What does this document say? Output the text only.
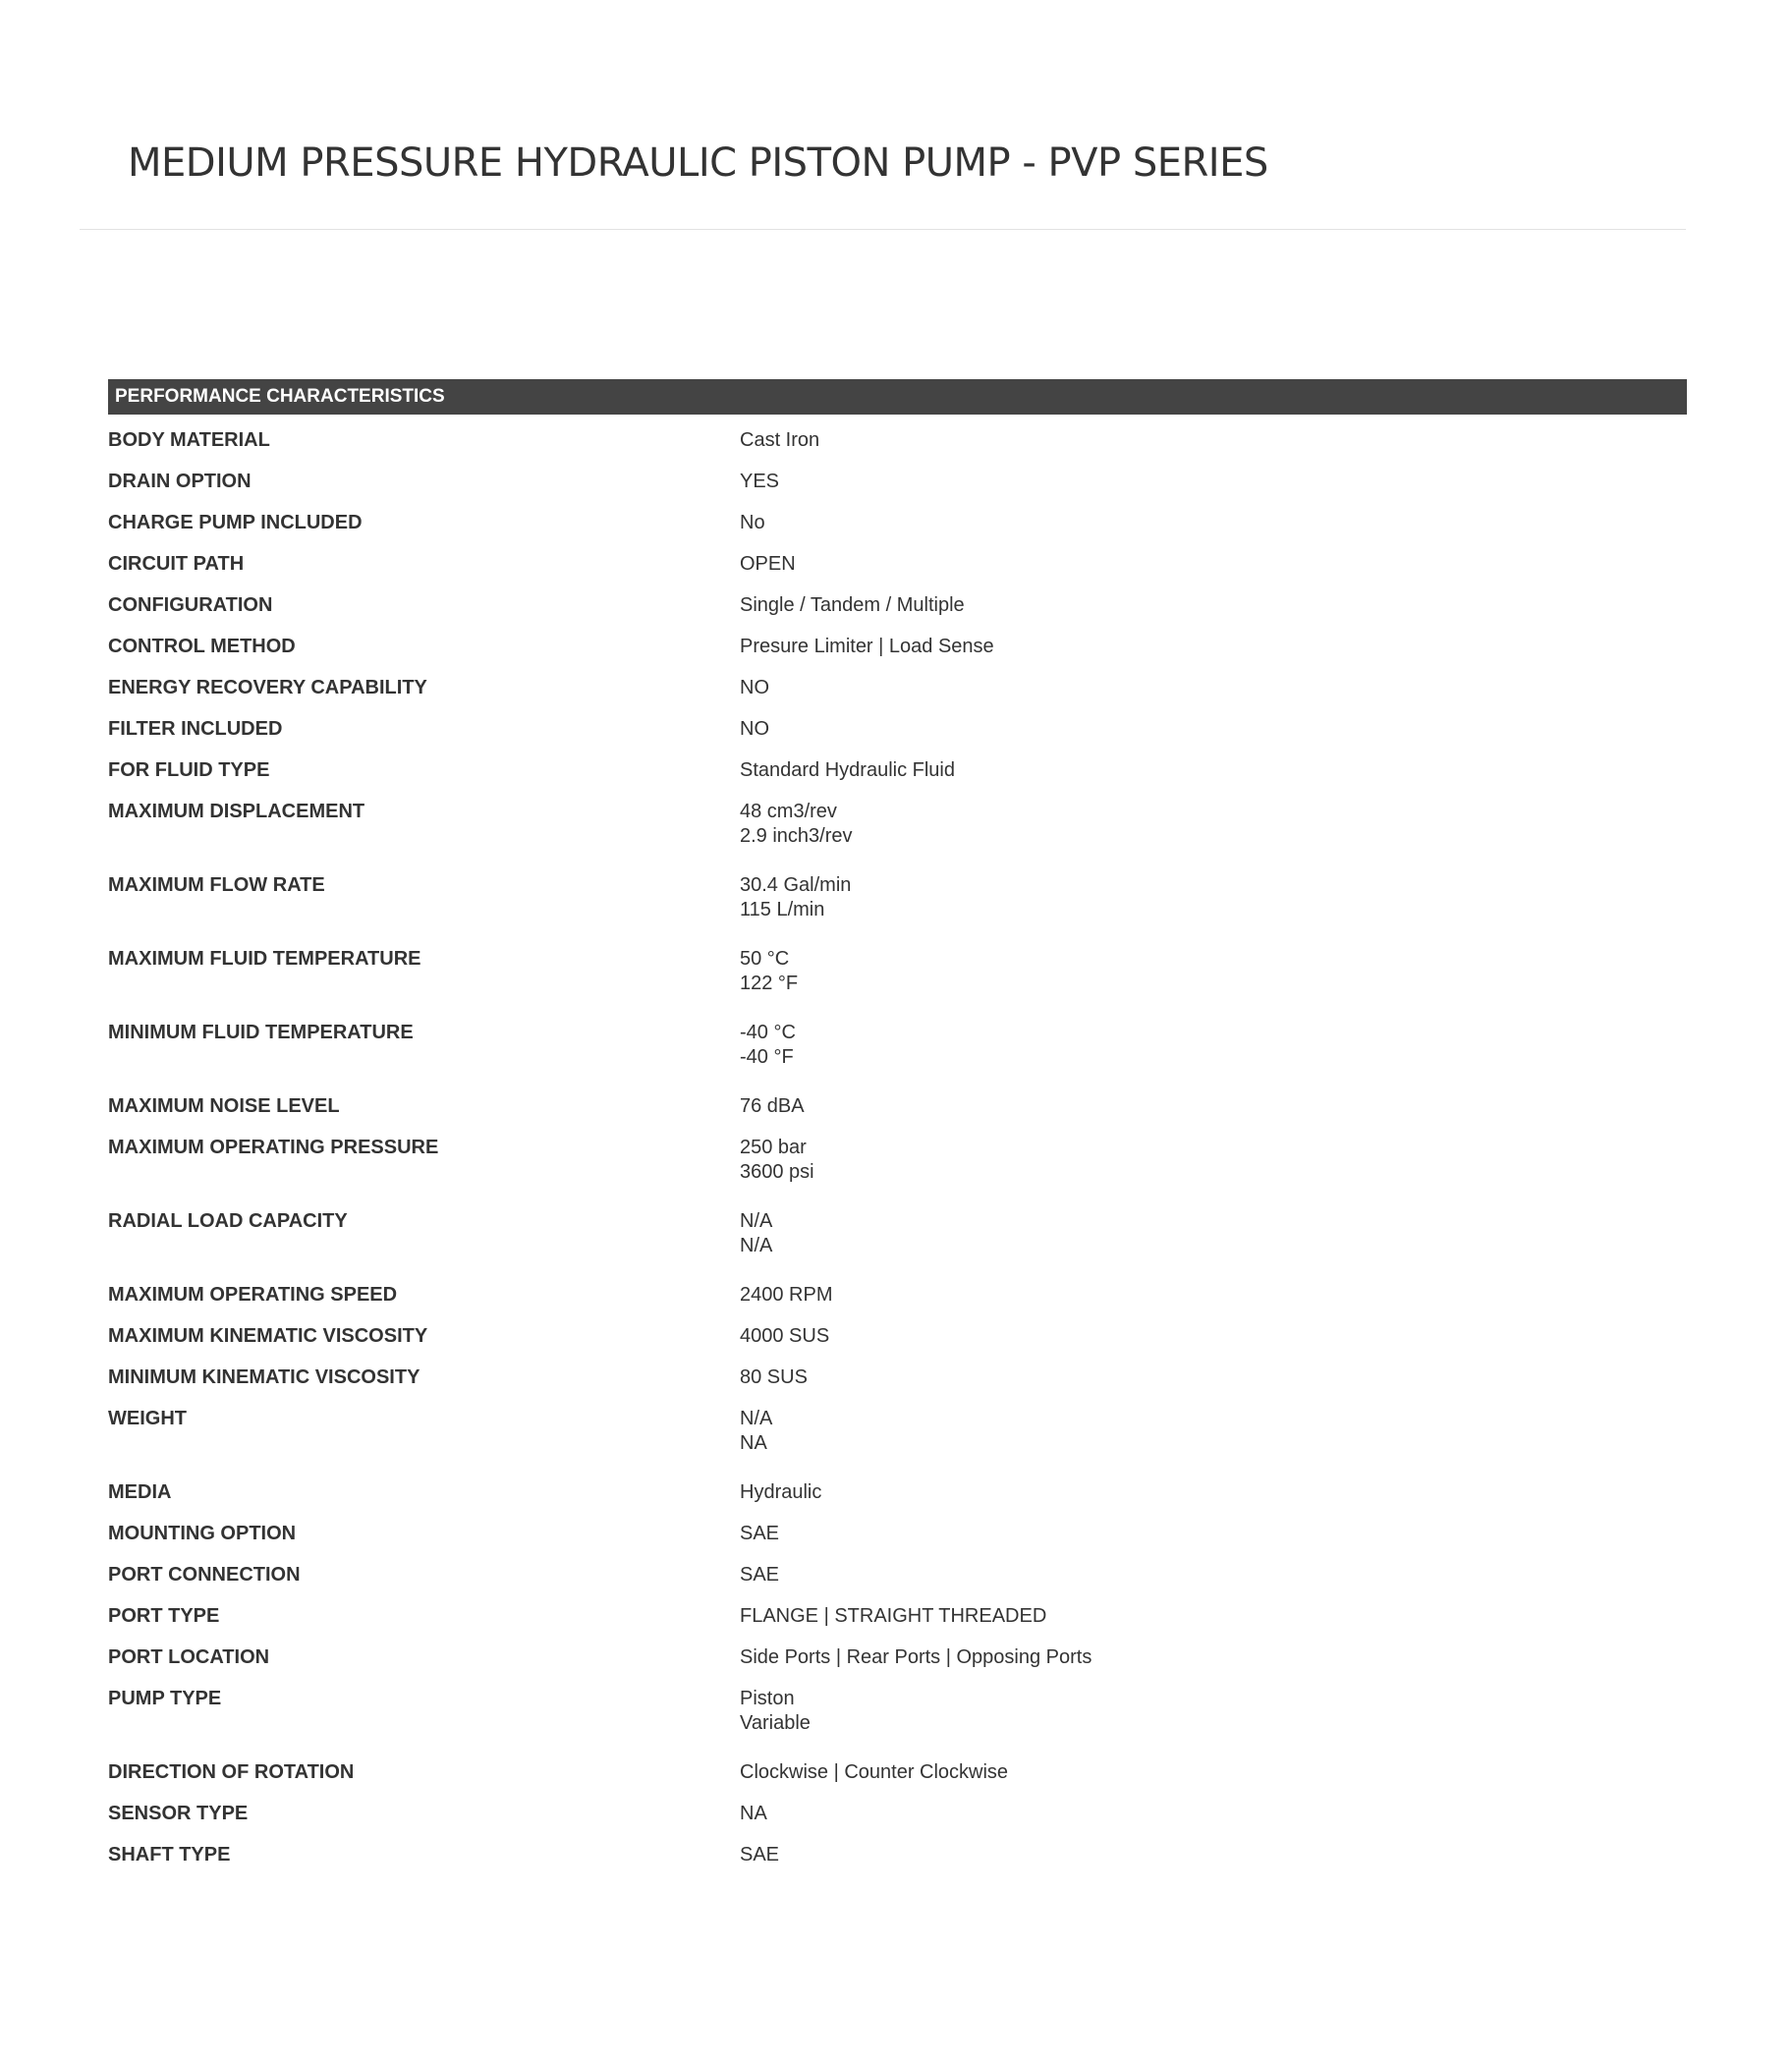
MEDIUM PRESSURE HYDRAULIC PISTON PUMP - PVP SERIES
PERFORMANCE CHARACTERISTICS
BODY MATERIAL	Cast Iron
DRAIN OPTION	YES
CHARGE PUMP INCLUDED	No
CIRCUIT PATH	OPEN
CONFIGURATION	Single / Tandem / Multiple
CONTROL METHOD	Presure Limiter | Load Sense
ENERGY RECOVERY CAPABILITY	NO
FILTER INCLUDED	NO
FOR FLUID TYPE	Standard Hydraulic Fluid
MAXIMUM DISPLACEMENT	48 cm3/rev
2.9 inch3/rev
MAXIMUM FLOW RATE	30.4 Gal/min
115 L/min
MAXIMUM FLUID TEMPERATURE	50 °C
122 °F
MINIMUM FLUID TEMPERATURE	-40 °C
-40 °F
MAXIMUM NOISE LEVEL	76 dBA
MAXIMUM OPERATING PRESSURE	250 bar
3600 psi
RADIAL LOAD CAPACITY	N/A
N/A
MAXIMUM OPERATING SPEED	2400 RPM
MAXIMUM KINEMATIC VISCOSITY	4000 SUS
MINIMUM KINEMATIC VISCOSITY	80 SUS
WEIGHT	N/A
NA
MEDIA	Hydraulic
MOUNTING OPTION	SAE
PORT CONNECTION	SAE
PORT TYPE	FLANGE | STRAIGHT THREADED
PORT LOCATION	Side Ports | Rear Ports | Opposing Ports
PUMP TYPE	Piston
Variable
DIRECTION OF ROTATION	Clockwise | Counter Clockwise
SENSOR TYPE	NA
SHAFT TYPE	SAE
